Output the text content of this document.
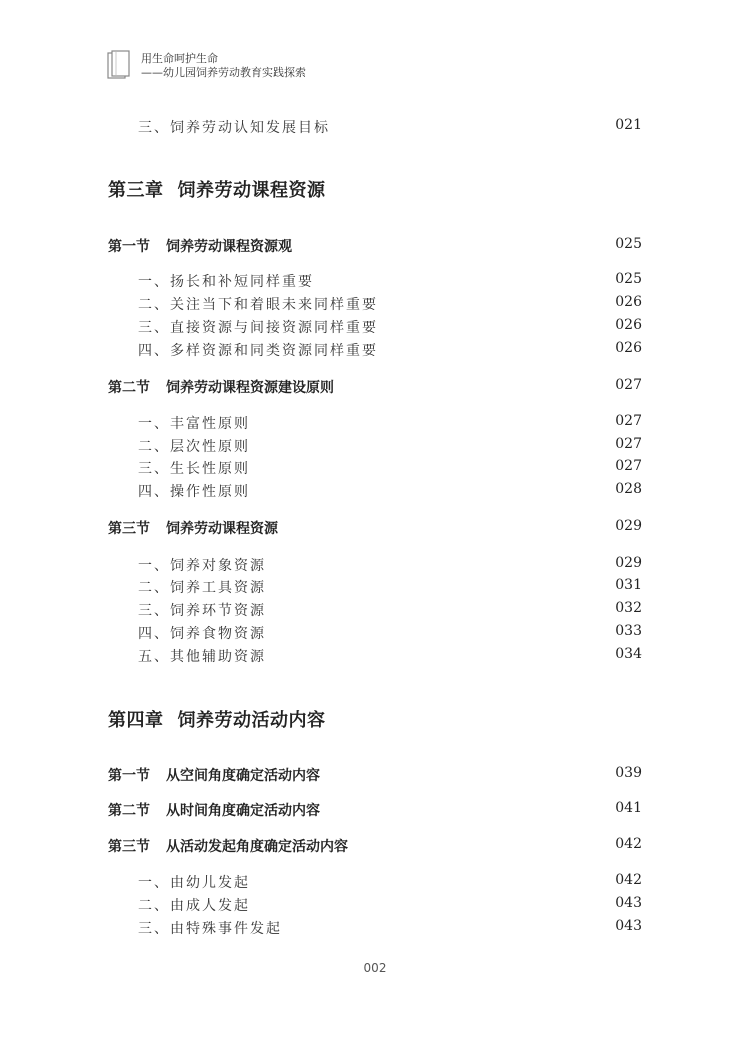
用生命呵护生命
——幼儿园饲养劳动教育实践探索
三、饲养劳动认知发展目标	021
第三章 饲养劳动课程资源
第一节 饲养劳动课程资源观	025
一、扬长和补短同样重要	025
二、关注当下和着眼未来同样重要	026
三、直接资源与间接资源同样重要	026
四、多样资源和同类资源同样重要	026
第二节 饲养劳动课程资源建设原则	027
一、丰富性原则	027
二、层次性原则	027
三、生长性原则	027
四、操作性原则	028
第三节 饲养劳动课程资源	029
一、饲养对象资源	029
二、饲养工具资源	031
三、饲养环节资源	032
四、饲养食物资源	033
五、其他辅助资源	034
第四章 饲养劳动活动内容
第一节 从空间角度确定活动内容	039
第二节 从时间角度确定活动内容	041
第三节 从活动发起角度确定活动内容	042
一、由幼儿发起	042
二、由成人发起	043
三、由特殊事件发起	043
002
